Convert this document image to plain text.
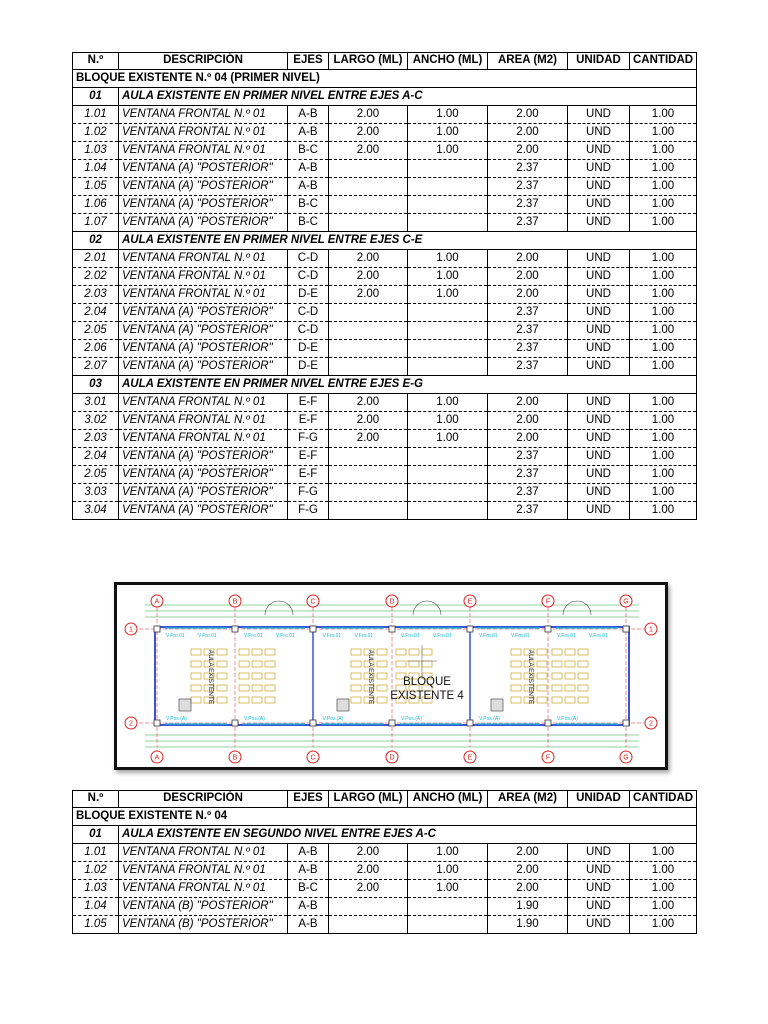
N.º	DESCRIPCIÓN	EJES	LARGO (ML)	ANCHO (ML)	AREA (M2)	UNIDAD	CANTIDAD
BLOQUE EXISTENTE N.º 04 (PRIMER NIVEL)							
01	AULA EXISTENTE EN PRIMER NIVEL ENTRE EJES A-C						
1.01	VENTANA FRONTAL N.º 01	A-B	2.00	1.00	2.00	UND	1.00
1.02	VENTANA FRONTAL N.º 01	A-B	2.00	1.00	2.00	UND	1.00
1.03	VENTANA FRONTAL N.º 01	B-C	2.00	1.00	2.00	UND	1.00
1.04	VENTANA (A) "POSTERIOR"	A-B			2.37	UND	1.00
1.05	VENTANA (A) "POSTERIOR"	A-B			2.37	UND	1.00
1.06	VENTANA (A) "POSTERIOR"	B-C			2.37	UND	1.00
1.07	VENTANA (A) "POSTERIOR"	B-C			2.37	UND	1.00
02	AULA EXISTENTE EN PRIMER NIVEL ENTRE EJES C-E						
2.01	VENTANA FRONTAL N.º 01	C-D	2.00	1.00	2.00	UND	1.00
2.02	VENTANA FRONTAL N.º 01	C-D	2.00	1.00	2.00	UND	1.00
2.03	VENTANA FRONTAL N.º 01	D-E	2.00	1.00	2.00	UND	1.00
2.04	VENTANA (A) "POSTERIOR"	C-D			2.37	UND	1.00
2.05	VENTANA (A) "POSTERIOR"	C-D			2.37	UND	1.00
2.06	VENTANA (A) "POSTERIOR"	D-E			2.37	UND	1.00
2.07	VENTANA (A) "POSTERIOR"	D-E			2.37	UND	1.00
03	AULA EXISTENTE EN PRIMER NIVEL ENTRE EJES E-G						
3.01	VENTANA FRONTAL N.º 01	E-F	2.00	1.00	2.00	UND	1.00
3.02	VENTANA FRONTAL N.º 01	E-F	2.00	1.00	2.00	UND	1.00
2.03	VENTANA FRONTAL N.º 01	F-G	2.00	1.00	2.00	UND	1.00
2.04	VENTANA (A) "POSTERIOR"	E-F			2.37	UND	1.00
2.05	VENTANA (A) "POSTERIOR"	E-F			2.37	UND	1.00
3.03	VENTANA (A) "POSTERIOR"	F-G			2.37	UND	1.00
3.04	VENTANA (A) "POSTERIOR"	F-G			2.37	UND	1.00
A
A
B
B
C
C
D
D
E
E
F
F
G
G
1	1
2	2
V.Fro.01	V.Fro.01
V.Pos.(A)
V.Fro.01	V.Fro.01
V.Pos.(A)
V.Fro.01	V.Fro.01
V.Pos.(A)
V.Fro.01	V.Fro.01
V.Pos.(A)
V.Fro.01	V.Fro.01
V.Pos.(A)
V.Fro.01	V.Fro.01
V.Pos.(A)
AULA EXISTENTE	AULA EXISTENTE	AULA EXISTENTE
BLOQUE
EXISTENTE 4
N.º	DESCRIPCIÓN	EJES	LARGO (ML)	ANCHO (ML)	AREA (M2)	UNIDAD	CANTIDAD
BLOQUE EXISTENTE N.º 04							
01	AULA EXISTENTE EN SEGUNDO NIVEL ENTRE EJES A-C						
1.01	VENTANA FRONTAL N.º 01	A-B	2.00	1.00	2.00	UND	1.00
1.02	VENTANA FRONTAL N.º 01	A-B	2.00	1.00	2.00	UND	1.00
1.03	VENTANA FRONTAL N.º 01	B-C	2.00	1.00	2.00	UND	1.00
1.04	VENTANA (B) "POSTERIOR"	A-B			1.90	UND	1.00
1.05	VENTANA (B) "POSTERIOR"	A-B			1.90	UND	1.00
